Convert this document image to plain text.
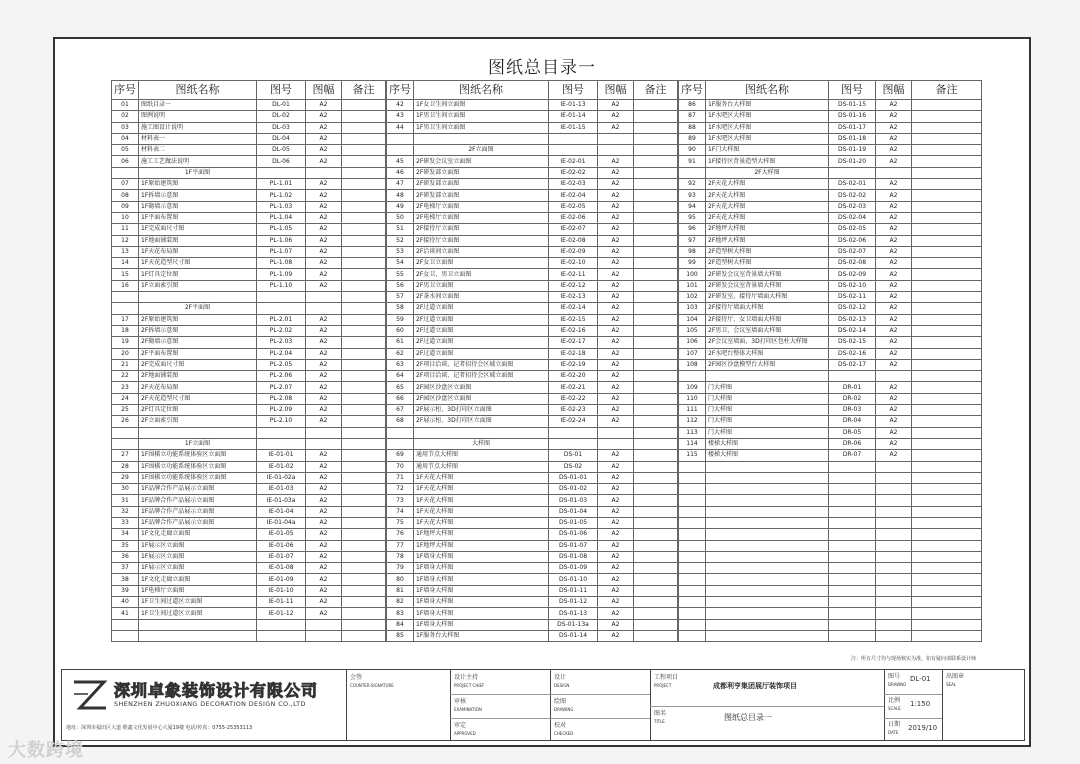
图纸总目录一
序号	图纸名称	图号	图幅	备注
01	图纸目录一	DL-01	A2	
02	图例说明	DL-02	A2	
03	施工图设计说明	DL-03	A2	
04	材料表一	DL-04	A2	
05	材料表二	DL-05	A2	
06	施工工艺做法说明	DL-06	A2	
	1F平面图			
07	1F原始建筑图	PL-1.01	A2	
08	1F拆墙示意图	PL-1.02	A2	
09	1F砌墙示意图	PL-1.03	A2	
10	1F平面布置图	PL-1.04	A2	
11	1F完成面尺寸图	PL-1.05	A2	
12	1F地面铺装图	PL-1.06	A2	
13	1F天花布局图	PL-1.07	A2	
14	1F天花造型尺寸图	PL-1.08	A2	
15	1F灯具定位图	PL-1.09	A2	
16	1F立面索引图	PL-1.10	A2	

	2F平面图			
17	2F原始建筑图	PL-2.01	A2	
18	2F拆墙示意图	PL-2.02	A2	
19	2F砌墙示意图	PL-2.03	A2	
20	2F平面布置图	PL-2.04	A2	
21	2F完成面尺寸图	PL-2.05	A2	
22	2F地面铺装图	PL-2.06	A2	
23	2F天花布局图	PL-2.07	A2	
24	2F天花造型尺寸图	PL-2.08	A2	
25	2F灯具定位图	PL-2.09	A2	
26	2F立面索引图	PL-2.10	A2	

	1F立面图			
27	1F围棋立功能系统体验区立面图	IE-01-01	A2	
28	1F围棋立功能系统体验区立面图	IE-01-02	A2	
29	1F围棋立功能系统体验区立面图	IE-01-02a	A2	
30	1F品牌合作产品展示立面图	IE-01-03	A2	
31	1F品牌合作产品展示立面图	IE-01-03a	A2	
32	1F品牌合作产品展示立面图	IE-01-04	A2	
33	1F品牌合作产品展示立面图	IE-01-04a	A2	
34	1F文化走廊立面图	IE-01-05	A2	
35	1F展示区立面图	IE-01-06	A2	
36	1F展示区立面图	IE-01-07	A2	
37	1F展示区立面图	IE-01-08	A2	
38	1F文化走廊立面图	IE-01-09	A2	
39	1F电梯厅立面图	IE-01-10	A2	
40	1F卫生间过道区立面图	IE-01-11	A2	
41	1F卫生间过道区立面图	IE-01-12	A2	

序号	图纸名称	图号	图幅	备注
42	1F女卫生间立面图	IE-01-13	A2	
43	1F男卫生间立面图	IE-01-14	A2	
44	1F男卫生间立面图	IE-01-15	A2	

	2F立面图			
45	2F研发会议室立面图	IE-02-01	A2	
46	2F研发部立面图	IE-02-02	A2	
47	2F研发部立面图	IE-02-03	A2	
48	2F研发部立面图	IE-02-04	A2	
49	2F电梯厅立面图	IE-02-05	A2	
50	2F电梯厅立面图	IE-02-06	A2	
51	2F接待厅立面图	IE-02-07	A2	
52	2F接待厅立面图	IE-02-08	A2	
53	2F洽谈间立面图	IE-02-09	A2	
54	2F女卫立面图	IE-02-10	A2	
55	2F女卫、男卫立面图	IE-02-11	A2	
56	2F男卫立面图	IE-02-12	A2	
57	2F茶水间立面图	IE-02-13	A2	
58	2F过道立面图	IE-02-14	A2	
59	2F过道立面图	IE-02-15	A2	
60	2F过道立面图	IE-02-16	A2	
61	2F过道立面图	IE-02-17	A2	
62	2F过道立面图	IE-02-18	A2	
63	2F项目洽谈、记者招待会区域立面图	IE-02-19	A2	
64	2F项目洽谈、记者招待会区域立面图	IE-02-20	A2	
65	2F园区沙盘区立面图	IE-02-21	A2	
66	2F园区沙盘区立面图	IE-02-22	A2	
67	2F展示柜、3D打印区立面图	IE-02-23	A2	
68	2F展示柜、3D打印区立面图	IE-02-24	A2	

	大样图			
69	通用节点大样图	DS-01	A2	
70	通用节点大样图	DS-02	A2	
71	1F天花大样图	DS-01-01	A2	
72	1F天花大样图	DS-01-02	A2	
73	1F天花大样图	DS-01-03	A2	
74	1F天花大样图	DS-01-04	A2	
75	1F天花大样图	DS-01-05	A2	
76	1F地坪大样图	DS-01-06	A2	
77	1F地坪大样图	DS-01-07	A2	
78	1F墙身大样图	DS-01-08	A2	
79	1F墙身大样图	DS-01-09	A2	
80	1F墙身大样图	DS-01-10	A2	
81	1F墙身大样图	DS-01-11	A2	
82	1F墙身大样图	DS-01-12	A2	
83	1F墙身大样图	DS-01-13	A2	
84	1F墙身大样图	DS-01-13a	A2	
85	1F服务台大样图	DS-01-14	A2	
序号	图纸名称	图号	图幅	备注
86	1F服务台大样图	DS-01-15	A2	
87	1F水吧区大样图	DS-01-16	A2	
88	1F水吧区大样图	DS-01-17	A2	
89	1F水吧区大样图	DS-01-18	A2	
90	1F门大样图	DS-01-19	A2	
91	1F接待区背景造型大样图	DS-01-20	A2	
	2F大样图			
92	2F天花大样图	DS-02-01	A2	
93	2F天花大样图	DS-02-02	A2	
94	2F天花大样图	DS-02-03	A2	
95	2F天花大样图	DS-02-04	A2	
96	2F地坪大样图	DS-02-05	A2	
97	2F地坪大样图	DS-02-06	A2	
98	2F造型树大样图	DS-02-07	A2	
99	2F造型树大样图	DS-02-08	A2	
100	2F研发会议室背景墙大样图	DS-02-09	A2	
101	2F研发会议室背景墙大样图	DS-02-10	A2	
102	2F研发室、接待厅墙面大样图	DS-02-11	A2	
103	2F接待厅墙面大样图	DS-02-12	A2	
104	2F接待厅、女卫墙面大样图	DS-02-13	A2	
105	2F男卫、会议室墙面大样图	DS-02-14	A2	
106	2F会议室墙面、3D打印区包柱大样图	DS-02-15	A2	
107	2F水吧台整体大样图	DS-02-16	A2	
108	2F园区沙盘模型台大样图	DS-02-17	A2	

109	门大样图	DR-01	A2	
110	门大样图	DR-02	A2	
111	门大样图	DR-03	A2	
112	门大样图	DR-04	A2	
113	门大样图	DR-05	A2	
114	楼梯大样图	DR-06	A2	
115	楼梯大样图	DR-07	A2	

注：所有尺寸均与现场核实为准，如有疑问请联系设计师
深圳卓象装饰设计有限公司
SHENZHEN ZHUOXIANG DECORATION DESIGN CO.,LTD
地址：深圳市福田区大道 维鑫文化发展中心大厦19楼 电话/传真：0755-25353113
会签
COUNTER-SIGNATURE
设计主持
PROJECT CHIEF
审核
EXAMINATION
审定
APPROVED
设计
DESIGN
绘图
DRAWING
校对
CHECKED
工程项目
PROJECT	成都利亨集团展厅装饰项目
图名
TITLE	图纸总目录一
图号
DRAWNO
DL-01
比例
SCALE
1:150
日期
DATE
2019/10
出图章
SEAL
大数跨境
